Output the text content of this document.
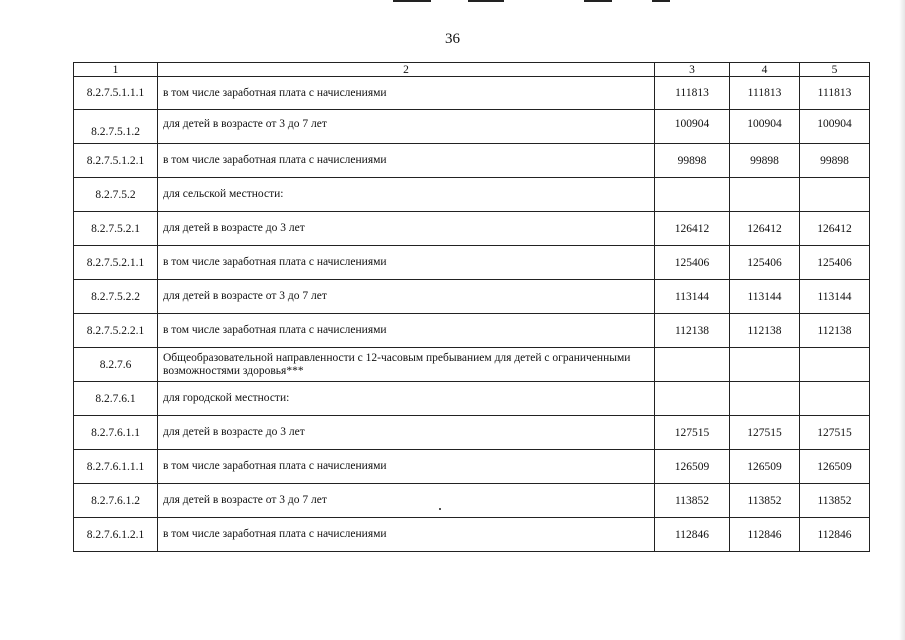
36
1	2	3	4	5
8.2.7.5.1.1.1	в том числе заработная плата с начислениями	111813	111813	111813
8.2.7.5.1.2	для детей в возрасте от 3 до 7 лет	100904	100904	100904
8.2.7.5.1.2.1	в том числе заработная плата с начислениями	99898	99898	99898
8.2.7.5.2	для сельской местности:			
8.2.7.5.2.1	для детей в возрасте до 3 лет	126412	126412	126412
8.2.7.5.2.1.1	в том числе заработная плата с начислениями	125406	125406	125406
8.2.7.5.2.2	для детей в возрасте от 3 до 7 лет	113144	113144	113144
8.2.7.5.2.2.1	в том числе заработная плата с начислениями	112138	112138	112138
8.2.7.6	Общеобразовательной направленности с 12-часовым пребыванием для детей с ограниченными возможностями здоровья***			
8.2.7.6.1	для городской местности:			
8.2.7.6.1.1	для детей в возрасте до 3 лет	127515	127515	127515
8.2.7.6.1.1.1	в том числе заработная плата с начислениями	126509	126509	126509
8.2.7.6.1.2	для детей в возрасте от 3 до 7 лет	113852	113852	113852
8.2.7.6.1.2.1	в том числе заработная плата с начислениями	112846	112846	112846
